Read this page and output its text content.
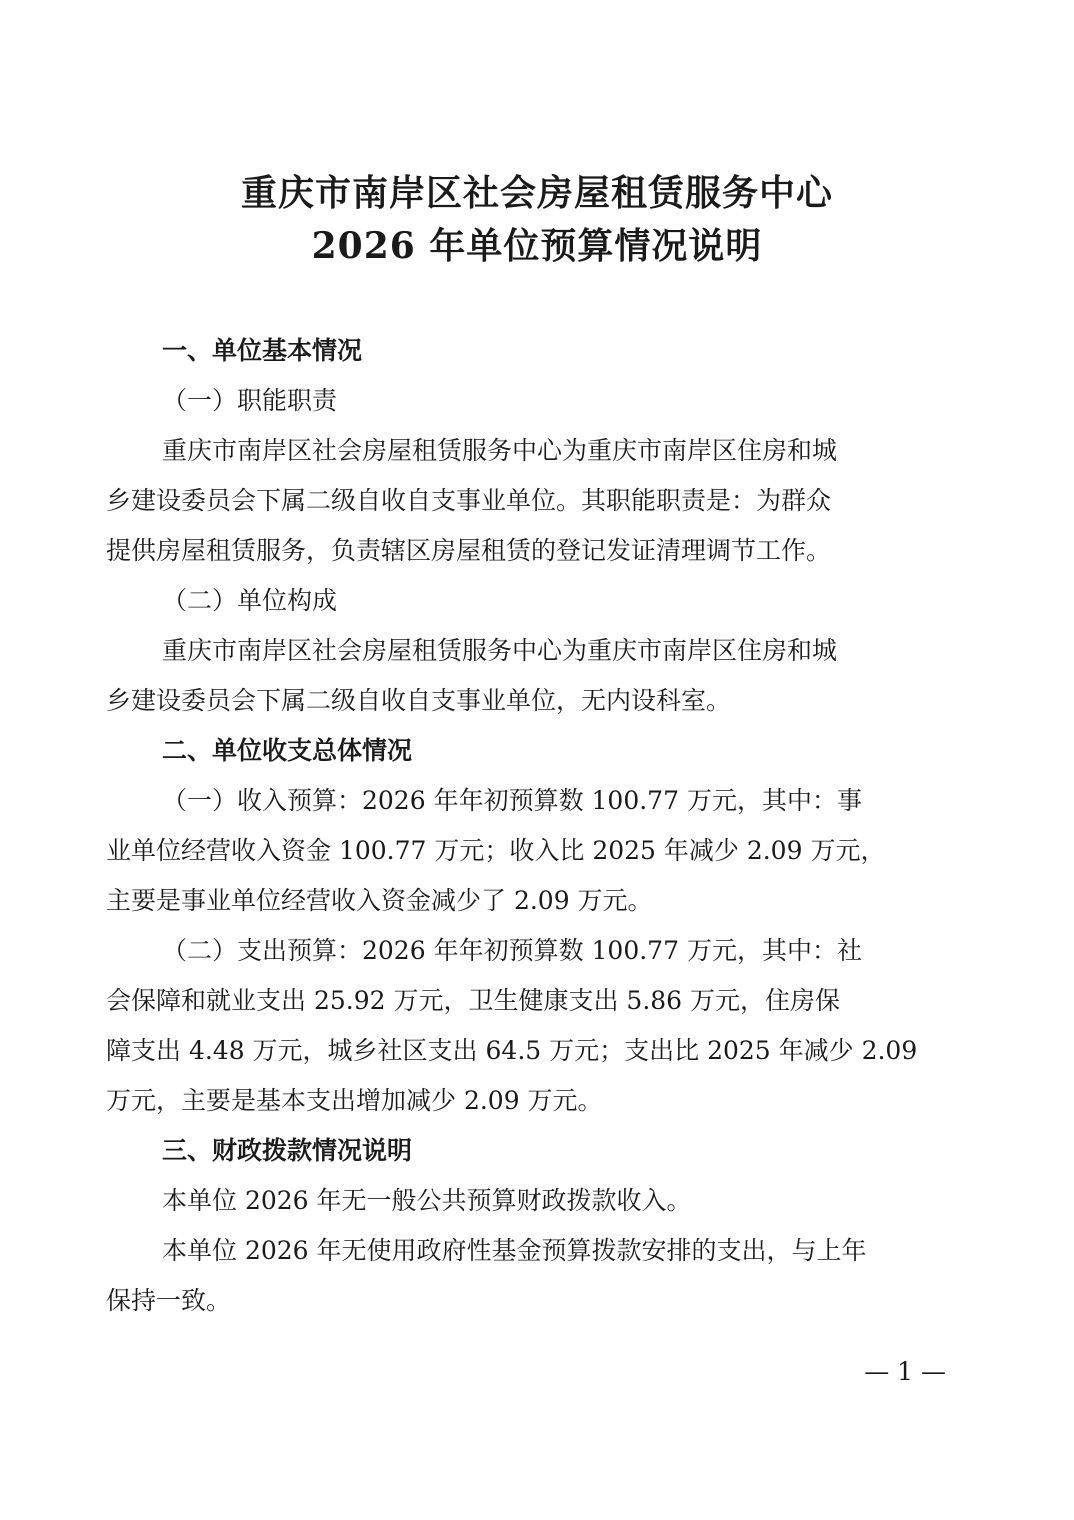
重庆市南岸区社会房屋租赁服务中心
2026 年单位预算情况说明

一、单位基本情况

（一）职能职责

重庆市南岸区社会房屋租赁服务中心为重庆市南岸区住房和城
乡建设委员会下属二级自收自支事业单位。其职能职责是：为群众
提供房屋租赁服务，负责辖区房屋租赁的登记发证清理调节工作。

（二）单位构成

重庆市南岸区社会房屋租赁服务中心为重庆市南岸区住房和城
乡建设委员会下属二级自收自支事业单位，无内设科室。

二、单位收支总体情况

（一）收入预算：2026 年年初预算数 100.77 万元，其中：事
业单位经营收入资金 100.77 万元；收入比 2025 年减少 2.09 万元，
主要是事业单位经营收入资金减少了 2.09 万元。
（二）支出预算：2026 年年初预算数 100.77 万元，其中：社
会保障和就业支出 25.92 万元，卫生健康支出 5.86 万元，住房保
障支出 4.48 万元，城乡社区支出 64.5 万元；支出比 2025 年减少 2.09
万元，主要是基本支出增加减少 2.09 万元。

三、财政拨款情况说明

本单位 2026 年无一般公共预算财政拨款收入。
本单位 2026 年无使用政府性基金预算拨款安排的支出，与上年
保持一致。
— 1 —
